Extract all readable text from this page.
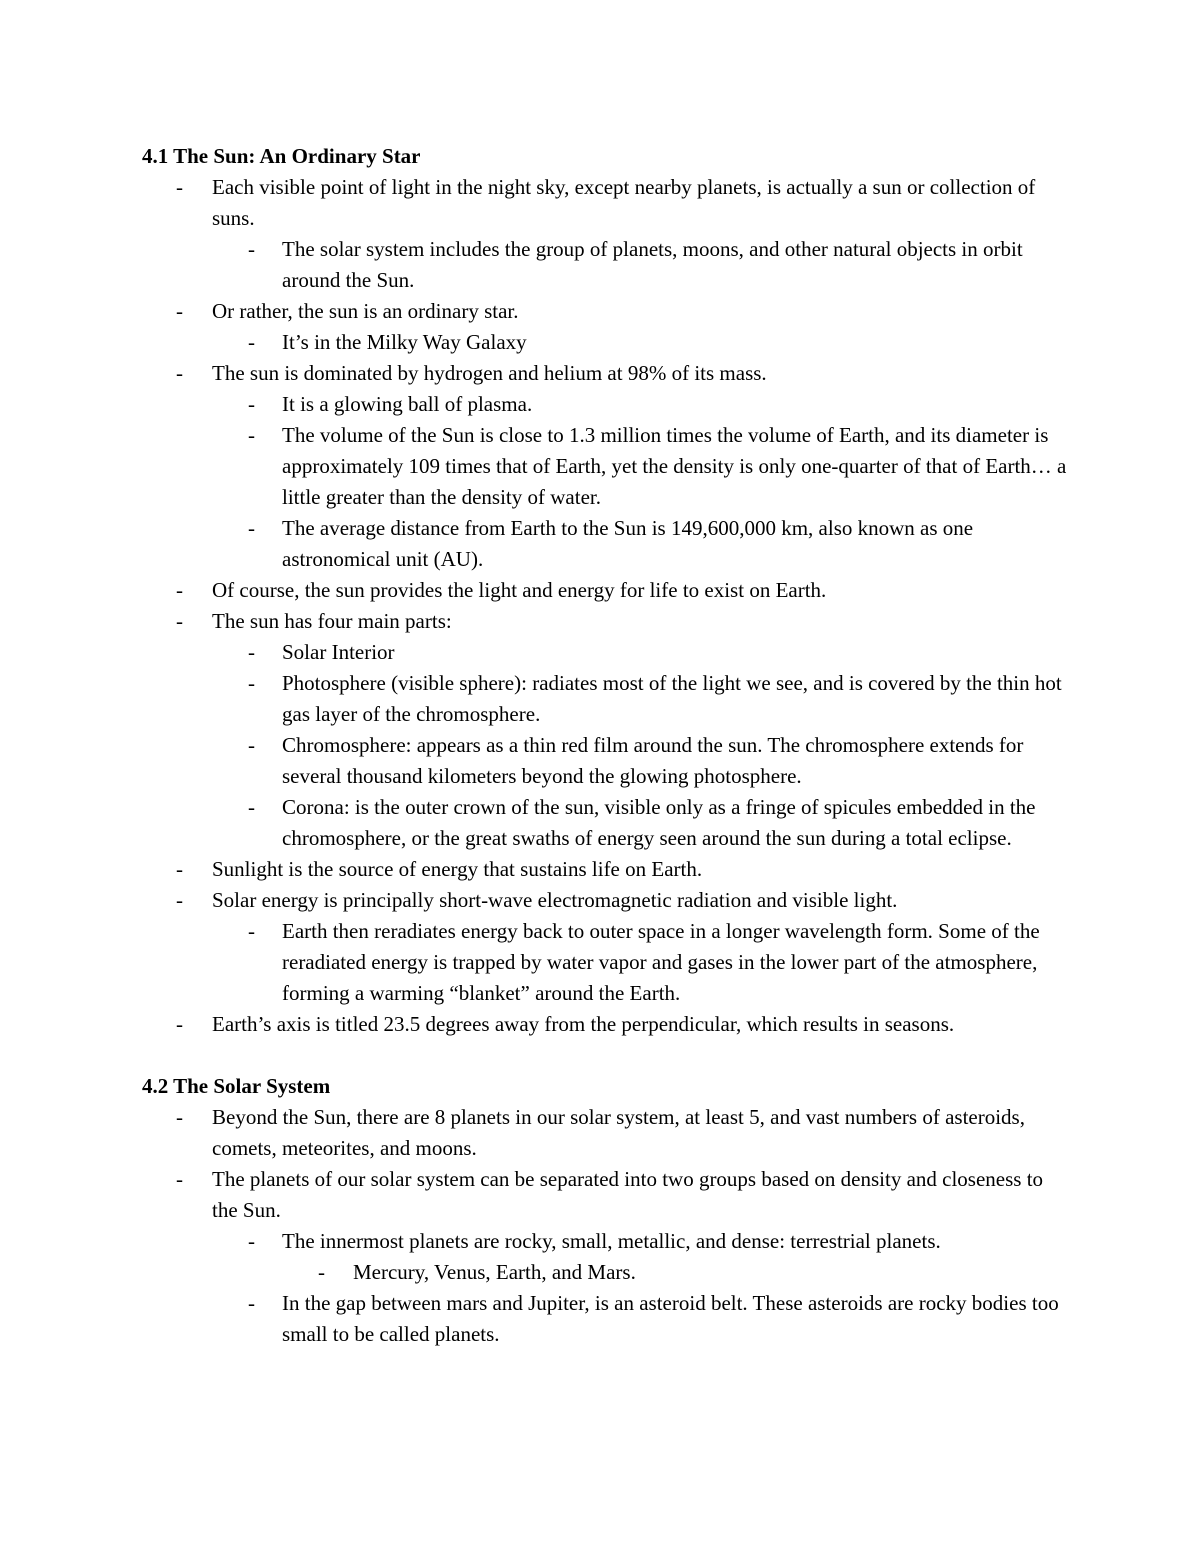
4.1 The Sun: An Ordinary Star
- Each visible point of light in the night sky, except nearby planets, is actually a sun or collection of suns.
- The solar system includes the group of planets, moons, and other natural objects in orbit around the Sun.
- Or rather, the sun is an ordinary star.
- It’s in the Milky Way Galaxy
- The sun is dominated by hydrogen and helium at 98% of its mass.
- It is a glowing ball of plasma.
- The volume of the Sun is close to 1.3 million times the volume of Earth, and its diameter is approximately 109 times that of Earth, yet the density is only one-quarter of that of Earth… a little greater than the density of water.
- The average distance from Earth to the Sun is 149,600,000 km, also known as one astronomical unit (AU).
- Of course, the sun provides the light and energy for life to exist on Earth.
- The sun has four main parts:
- Solar Interior
- Photosphere (visible sphere): radiates most of the light we see, and is covered by the thin hot gas layer of the chromosphere.
- Chromosphere: appears as a thin red film around the sun. The chromosphere extends for several thousand kilometers beyond the glowing photosphere.
- Corona: is the outer crown of the sun, visible only as a fringe of spicules embedded in the chromosphere, or the great swaths of energy seen around the sun during a total eclipse.
- Sunlight is the source of energy that sustains life on Earth.
- Solar energy is principally short-wave electromagnetic radiation and visible light.
- Earth then reradiates energy back to outer space in a longer wavelength form. Some of the reradiated energy is trapped by water vapor and gases in the lower part of the atmosphere, forming a warming “blanket” around the Earth.
- Earth’s axis is titled 23.5 degrees away from the perpendicular, which results in seasons.
4.2 The Solar System
- Beyond the Sun, there are 8 planets in our solar system, at least 5, and vast numbers of asteroids, comets, meteorites, and moons.
- The planets of our solar system can be separated into two groups based on density and closeness to the Sun.
- The innermost planets are rocky, small, metallic, and dense: terrestrial planets.
- Mercury, Venus, Earth, and Mars.
- In the gap between mars and Jupiter, is an asteroid belt. These asteroids are rocky bodies too small to be called planets.
